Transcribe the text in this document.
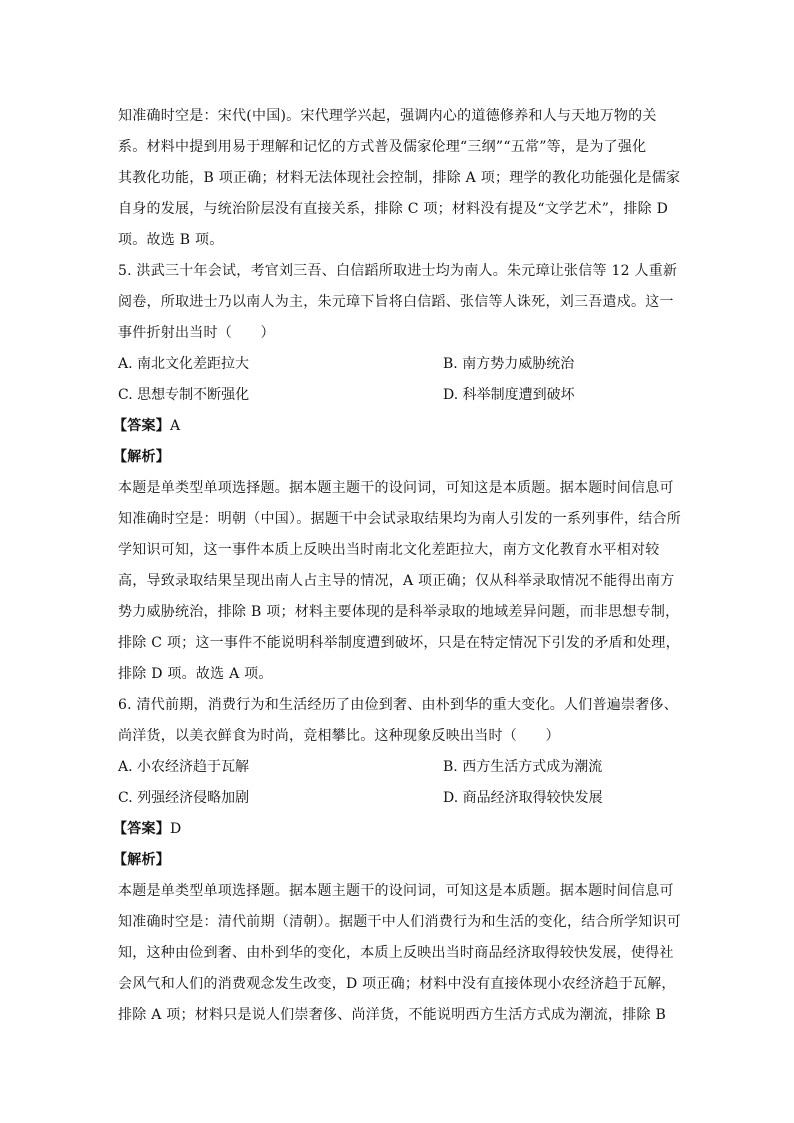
知准确时空是：宋代(中国)。宋代理学兴起，强调内心的道德修养和人与天地万物的关
系。材料中提到用易于理解和记忆的方式普及儒家伦理“三纲”“五常”等，是为了强化
其教化功能，B 项正确；材料无法体现社会控制，排除 A 项；理学的教化功能强化是儒家
自身的发展，与统治阶层没有直接关系，排除 C 项；材料没有提及“文学艺术”，排除 D
项。故选 B 项。
5. 洪武三十年会试，考官刘三吾、白信蹈所取进士均为南人。朱元璋让张信等 12 人重新
阅卷，所取进士乃以南人为主，朱元璋下旨将白信蹈、张信等人诛死，刘三吾遣戍。这一
事件折射出当时（　　）
A. 南北文化差距拉大	B. 南方势力威胁统治
C. 思想专制不断强化	D. 科举制度遭到破坏
【答案】A
【解析】
本题是单类型单项选择题。据本题主题干的设问词，可知这是本质题。据本题时间信息可
知准确时空是：明朝（中国）。据题干中会试录取结果均为南人引发的一系列事件，结合所
学知识可知，这一事件本质上反映出当时南北文化差距拉大，南方文化教育水平相对较
高，导致录取结果呈现出南人占主导的情况，A 项正确；仅从科举录取情况不能得出南方
势力威胁统治，排除 B 项；材料主要体现的是科举录取的地域差异问题，而非思想专制，
排除 C 项；这一事件不能说明科举制度遭到破坏，只是在特定情况下引发的矛盾和处理，
排除 D 项。故选 A 项。
6. 清代前期，消费行为和生活经历了由俭到奢、由朴到华的重大变化。人们普遍崇奢侈、
尚洋货，以美衣鲜食为时尚，竞相攀比。这种现象反映出当时（　　）
A. 小农经济趋于瓦解	B. 西方生活方式成为潮流
C. 列强经济侵略加剧	D. 商品经济取得较快发展
【答案】D
【解析】
本题是单类型单项选择题。据本题主题干的设问词，可知这是本质题。据本题时间信息可
知准确时空是：清代前期（清朝）。据题干中人们消费行为和生活的变化，结合所学知识可
知，这种由俭到奢、由朴到华的变化，本质上反映出当时商品经济取得较快发展，使得社
会风气和人们的消费观念发生改变，D 项正确；材料中没有直接体现小农经济趋于瓦解，
排除 A 项；材料只是说人们崇奢侈、尚洋货，不能说明西方生活方式成为潮流，排除 B
